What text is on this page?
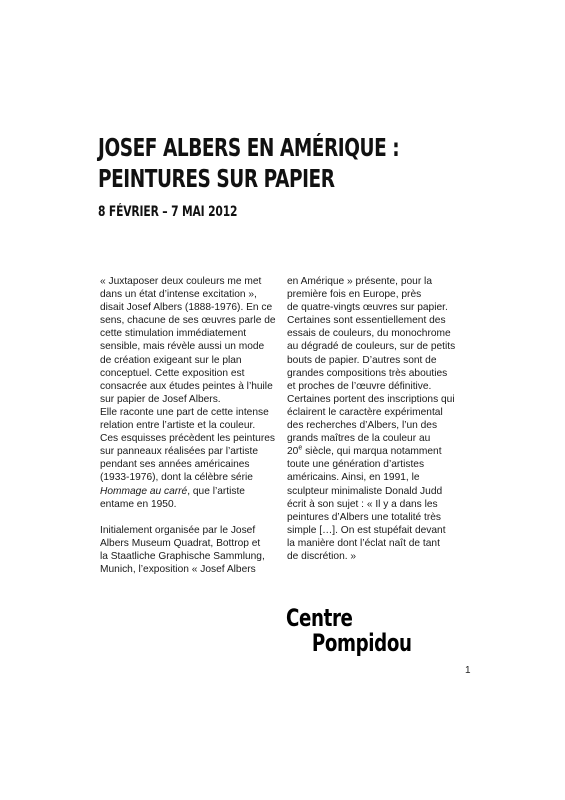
JOSEF ALBERS EN AMÉRIQUE :

PEINTURES SUR PAPIER

8 FÉVRIER – 7 MAI 2012

« Juxtaposer deux couleurs me met

dans un état d’intense excitation »,

disait Josef Albers (1888-1976). En ce

sens, chacune de ses œuvres parle de

cette stimulation immédiatement

sensible, mais révèle aussi un mode

de création exigeant sur le plan

conceptuel. Cette exposition est

consacrée aux études peintes à l’huile

sur papier de Josef Albers.

Elle raconte une part de cette intense

relation entre l’artiste et la couleur.

Ces esquisses précèdent les peintures

sur panneaux réalisées par l’artiste

pendant ses années américaines

(1933-1976), dont la célèbre série

Hommage au carré, que l’artiste

entame en 1950.

Initialement organisée par le Josef

Albers Museum Quadrat, Bottrop et

la Staatliche Graphische Sammlung,

Munich, l’exposition « Josef Albers

en Amérique » présente, pour la

première fois en Europe, près

de quatre-vingts œuvres sur papier.

Certaines sont essentiellement des

essais de couleurs, du monochrome

au dégradé de couleurs, sur de petits

bouts de papier. D’autres sont de

grandes compositions très abouties

et proches de l’œuvre définitive.

Certaines portent des inscriptions qui

éclairent le caractère expérimental

des recherches d’Albers, l’un des

grands maîtres de la couleur au

20e siècle, qui marqua notamment

toute une génération d’artistes

américains. Ainsi, en 1991, le

sculpteur minimaliste Donald Judd

écrit à son sujet : « Il y a dans les

peintures d’Albers une totalité très

simple […]. On est stupéfait devant

la manière dont l’éclat naît de tant

de discrétion. »

Centre
Pompidou
1
